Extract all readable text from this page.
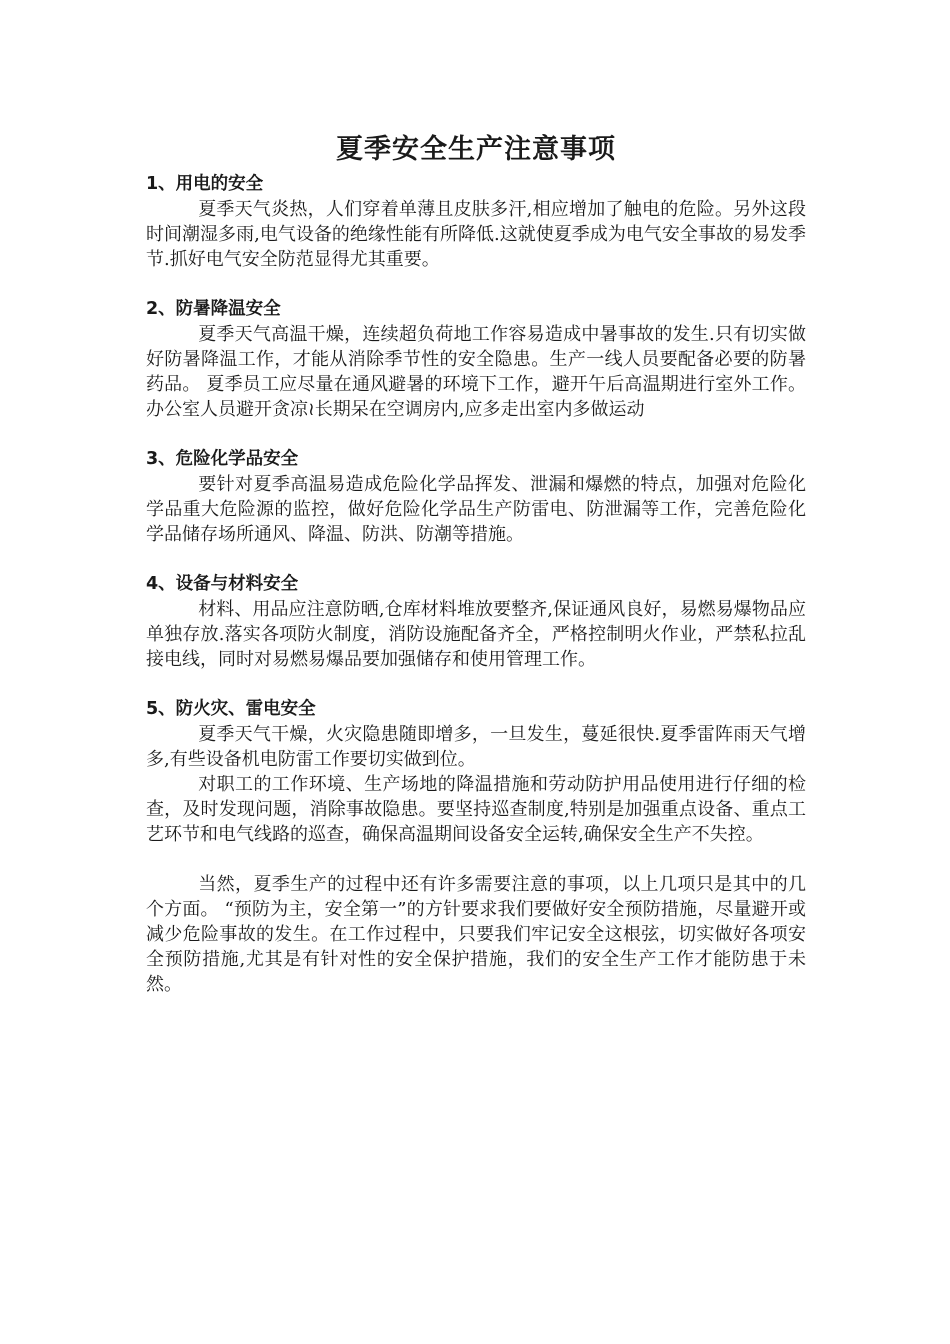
夏季安全生产注意事项
1、用电的安全

夏季天气炎热，人们穿着单薄且皮肤多汗,相应增加了触电的危险。另外这段时间潮湿多雨,电气设备的绝缘性能有所降低.这就使夏季成为电气安全事故的易发季节.抓好电气安全防范显得尤其重要。

2、防暑降温安全

夏季天气高温干燥，连续超负荷地工作容易造成中暑事故的发生.只有切实做好防暑降温工作，才能从消除季节性的安全隐患。生产一线人员要配备必要的防暑药品。 夏季员工应尽量在通风避暑的环境下工作，避开午后高温期进行室外工作。办公室人员避开贪凉≀长期呆在空调房内,应多走出室内多做运动

3、危险化学品安全

要针对夏季高温易造成危险化学品挥发、泄漏和爆燃的特点，加强对危险化学品重大危险源的监控，做好危险化学品生产防雷电、防泄漏等工作，完善危险化学品储存场所通风、降温、防洪、防潮等措施。

4、设备与材料安全

材料、用品应注意防晒,仓库材料堆放要整齐,保证通风良好，易燃易爆物品应单独存放.落实各项防火制度，消防设施配备齐全，严格控制明火作业，严禁私拉乱接电线，同时对易燃易爆品要加强储存和使用管理工作。

5、防火灾、雷电安全

夏季天气干燥，火灾隐患随即增多，一旦发生，蔓延很快.夏季雷阵雨天气增多,有些设备机电防雷工作要切实做到位。

对职工的工作环境、生产场地的降温措施和劳动防护用品使用进行仔细的检查，及时发现问题，消除事故隐患。要坚持巡查制度,特别是加强重点设备、重点工艺环节和电气线路的巡查，确保高温期间设备安全运转,确保安全生产不失控。

当然，夏季生产的过程中还有许多需要注意的事项，以上几项只是其中的几个方面。 “预防为主，安全第一”的方针要求我们要做好安全预防措施，尽量避开或减少危险事故的发生。在工作过程中，只要我们牢记安全这根弦，切实做好各项安全预防措施,尤其是有针对性的安全保护措施，我们的安全生产工作才能防患于未然。
